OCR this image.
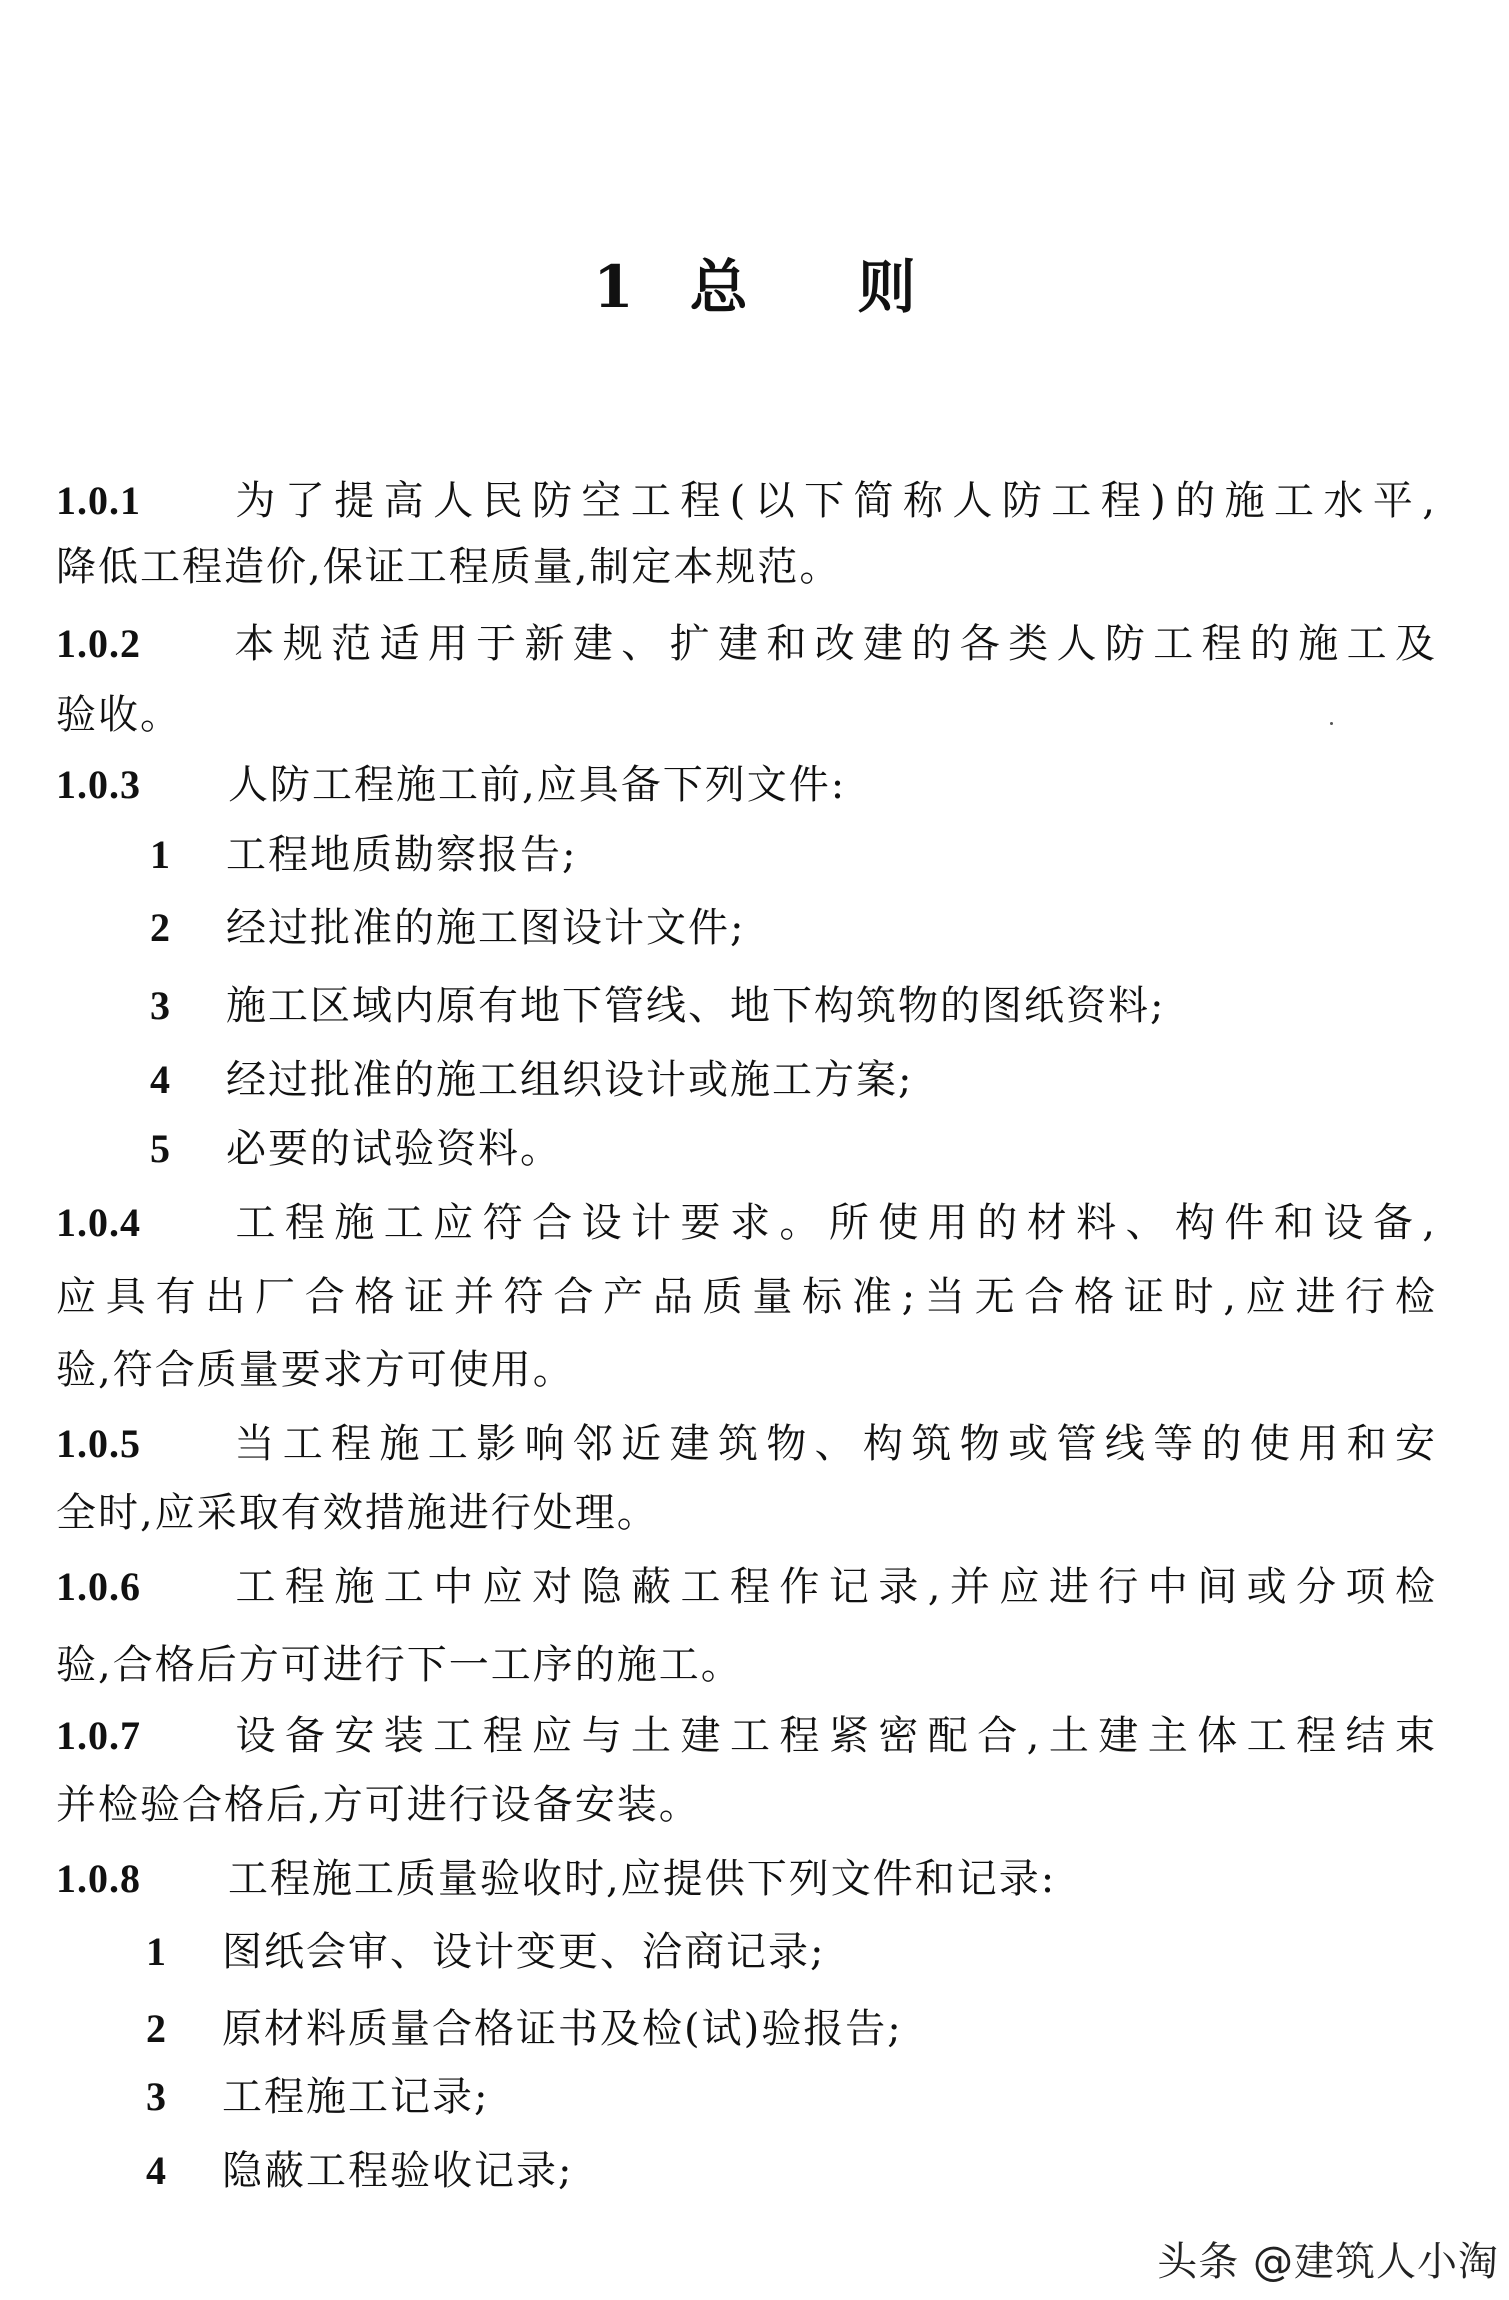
1 总 则
1.0.1 为了提高人民防空工程(以下简称人防工程)的施工水平,
降低工程造价,保证工程质量,制定本规范。
1.0.2 本规范适用于新建、扩建和改建的各类人防工程的施工及
验收。
1.0.3 人防工程施工前,应具备下列文件:
1 工程地质勘察报告;
2 经过批准的施工图设计文件;
3 施工区域内原有地下管线、地下构筑物的图纸资料;
4 经过批准的施工组织设计或施工方案;
5 必要的试验资料。
1.0.4 工程施工应符合设计要求。所使用的材料、构件和设备,
应具有出厂合格证并符合产品质量标准;当无合格证时,应进行检
验,符合质量要求方可使用。
1.0.5 当工程施工影响邻近建筑物、构筑物或管线等的使用和安
全时,应采取有效措施进行处理。
1.0.6 工程施工中应对隐蔽工程作记录,并应进行中间或分项检
验,合格后方可进行下一工序的施工。
1.0.7 设备安装工程应与土建工程紧密配合,土建主体工程结束
并检验合格后,方可进行设备安装。
1.0.8 工程施工质量验收时,应提供下列文件和记录:
1 图纸会审、设计变更、洽商记录;
2 原材料质量合格证书及检(试)验报告;
3 工程施工记录;
4 隐蔽工程验收记录;
头条 @建筑人小淘
